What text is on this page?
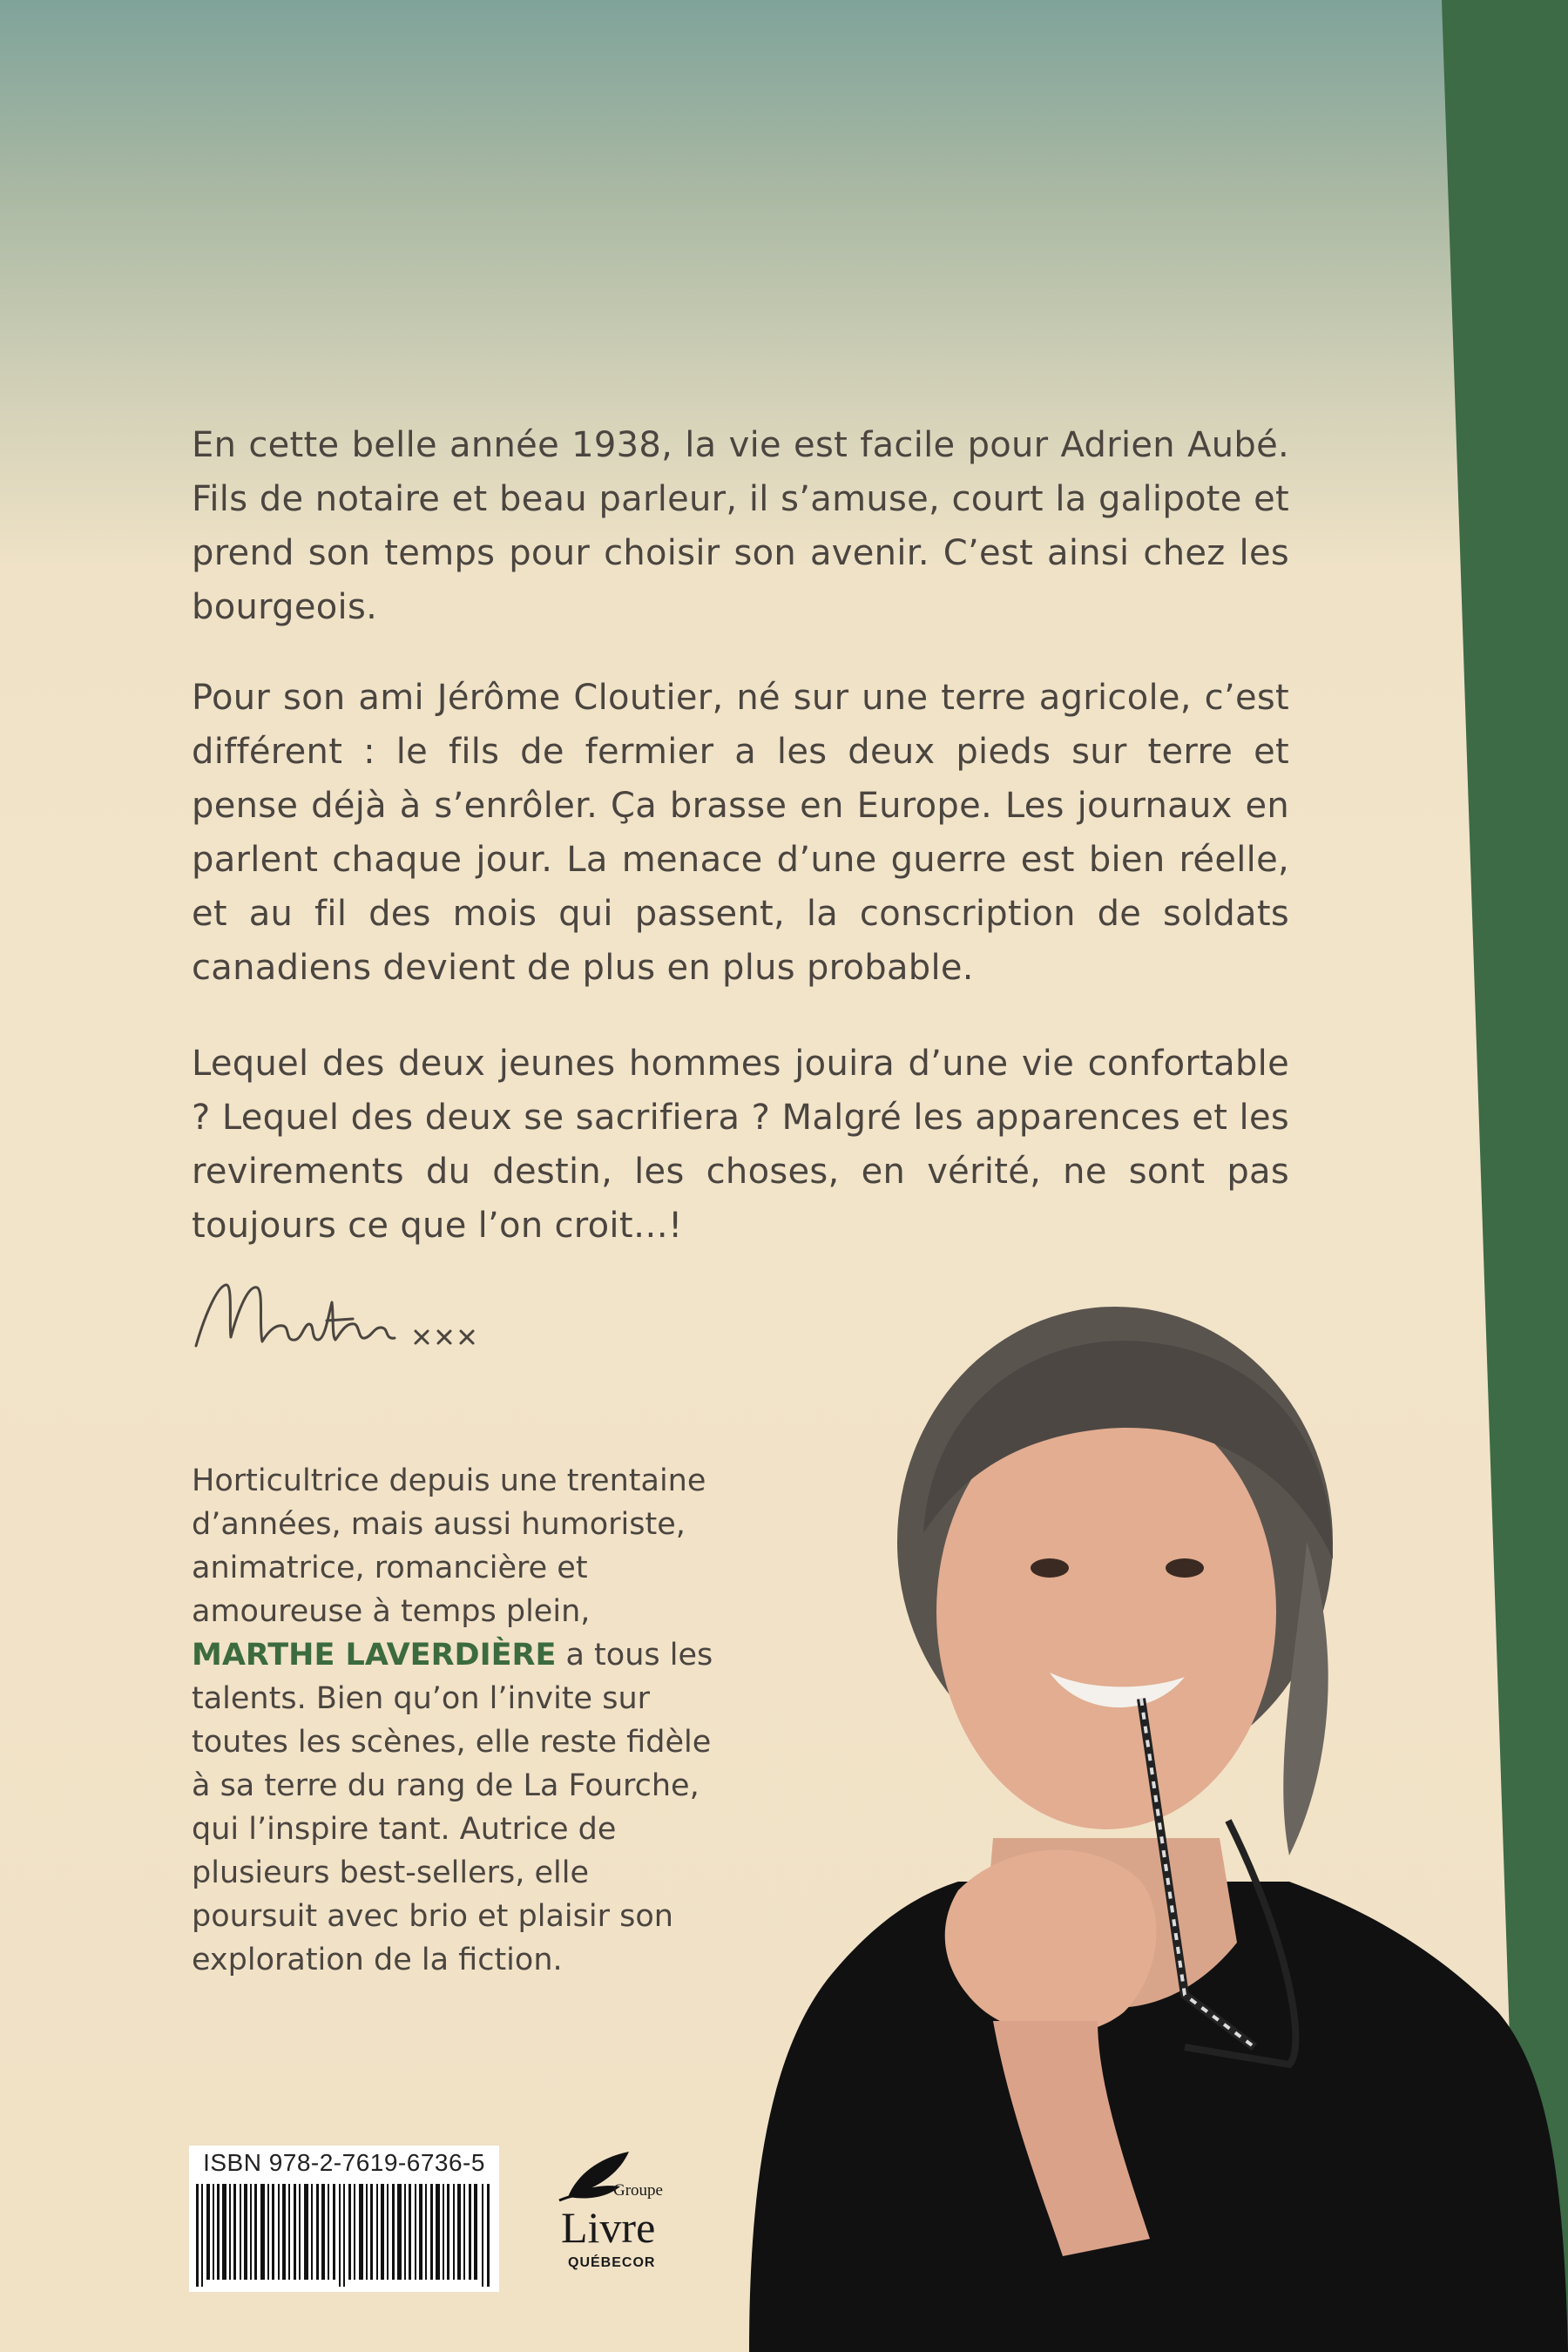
En cette belle année 1938, la vie est facile pour Adrien Aubé. Fils de notaire et beau parleur, il s’amuse, court la galipote et prend son temps pour choisir son avenir. C’est ainsi chez les bourgeois.

Pour son ami Jérôme Cloutier, né sur une terre agricole, c’est différent : le fils de fermier a les deux pieds sur terre et pense déjà à s’enrôler. Ça brasse en Europe. Les journaux en parlent chaque jour. La menace d’une guerre est bien réelle, et au fil des mois qui passent, la conscription de soldats canadiens devient de plus en plus probable.

Lequel des deux jeunes hommes jouira d’une vie confortable ? Lequel des deux se sacrifiera ? Malgré les apparences et les revirements du destin, les choses, en vérité, ne sont pas toujours ce que l’on croit…!

Horticultrice depuis une trentaine d’années, mais aussi humoriste, animatrice, romancière et amoureuse à temps plein, MARTHE LAVERDIÈRE a tous les talents. Bien qu’on l’invite sur toutes les scènes, elle reste fidèle à sa terre du rang de La Fourche, qui l’inspire tant. Autrice de plusieurs best-sellers, elle poursuit avec brio et plaisir son exploration de la fiction.
ISBN 978-2-7619-6736-5
Groupe
Livre
QUÉBECOR
